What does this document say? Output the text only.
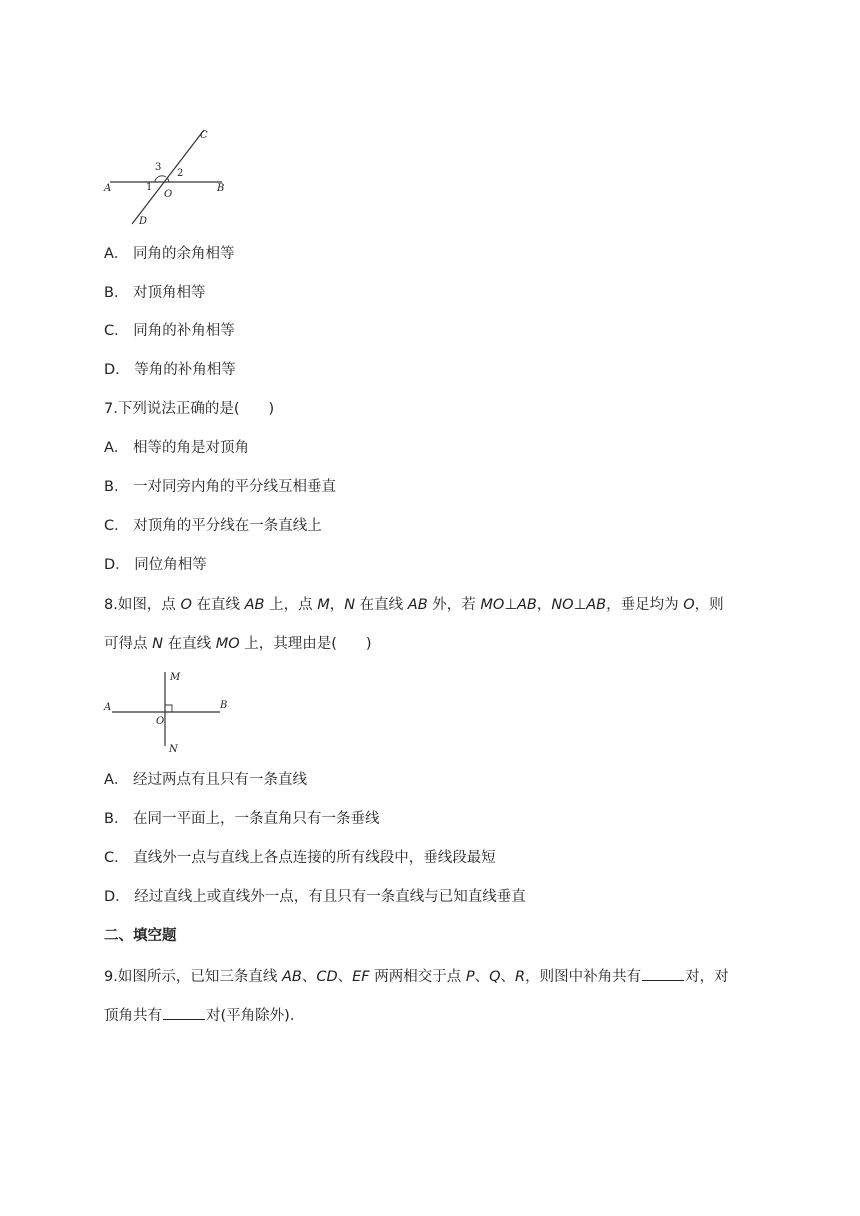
A	B
C
D
O
1
2
3
A． 同角的余角相等
B． 对顶角相等
C． 同角的补角相等
D． 等角的补角相等
7.下列说法正确的是(　　)
A． 相等的角是对顶角
B． 一对同旁内角的平分线互相垂直
C． 对顶角的平分线在一条直线上
D． 同位角相等
8.如图，点 O 在直线 AB 上，点 M，N 在直线 AB 外，若 MO⊥AB，NO⊥AB，垂足均为 O，则
可得点 N 在直线 MO 上，其理由是(　　)
A	B
M
N
O
A． 经过两点有且只有一条直线
B． 在同一平面上，一条直角只有一条垂线
C． 直线外一点与直线上各点连接的所有线段中，垂线段最短
D． 经过直线上或直线外一点，有且只有一条直线与已知直线垂直
二、填空题
9.如图所示，已知三条直线 AB、CD、EF 两两相交于点 P、Q、R，则图中补角共有	对，对
顶角共有	对(平角除外)．
